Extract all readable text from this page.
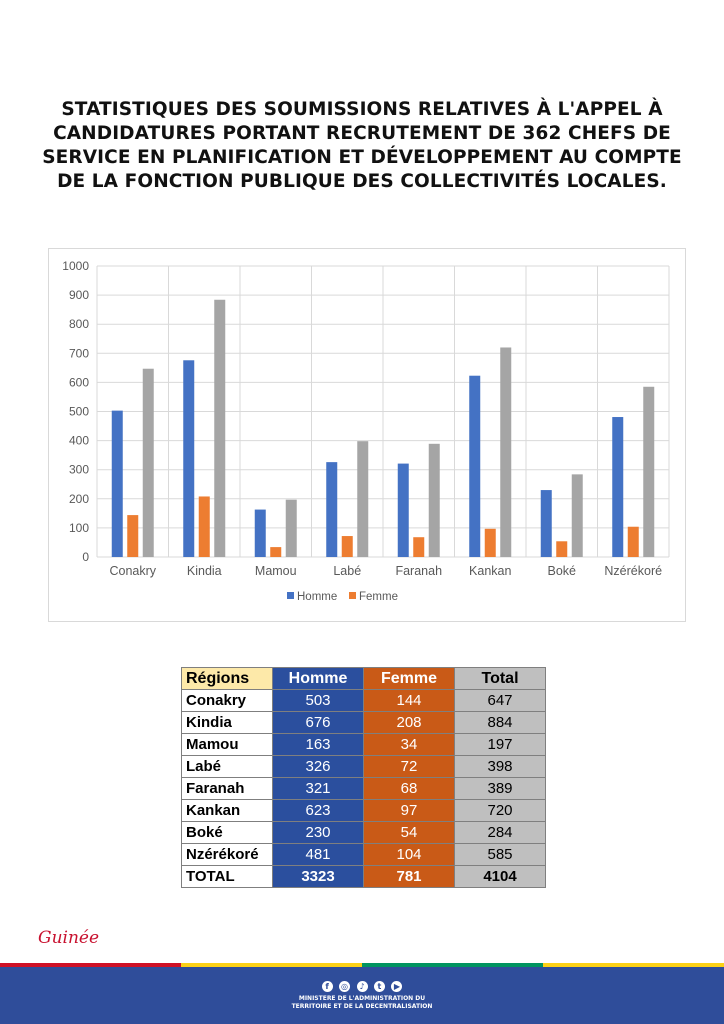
STATISTIQUES DES SOUMISSIONS RELATIVES À L'APPEL À CANDIDATURES PORTANT RECRUTEMENT DE 362 CHEFS DE SERVICE EN PLANIFICATION ET DÉVELOPPEMENT AU COMPTE DE LA FONCTION PUBLIQUE DES COLLECTIVITÉS LOCALES.
0
100
200
300
400
500
600
700
800
900
1000
Conakry Kindia	Mamou	Labé	Faranah Kankan	Boké Nzérékoré
Homme Femme
Régions	Homme	Femme	Total
Conakry	503	144	647
Kindia	676	208	884
Mamou	163	34	197
Labé	326	72	398
Faranah	321	68	389
Kankan	623	97	720
Boké	230	54	284
Nzérékoré	481	104	585
TOTAL	3323	781	4104
Guinée
f
	◎
	♪
	t
	▶
MINISTERE DE L'ADMINISTRATION DU
TERRITOIRE ET DE LA DECENTRALISATION
